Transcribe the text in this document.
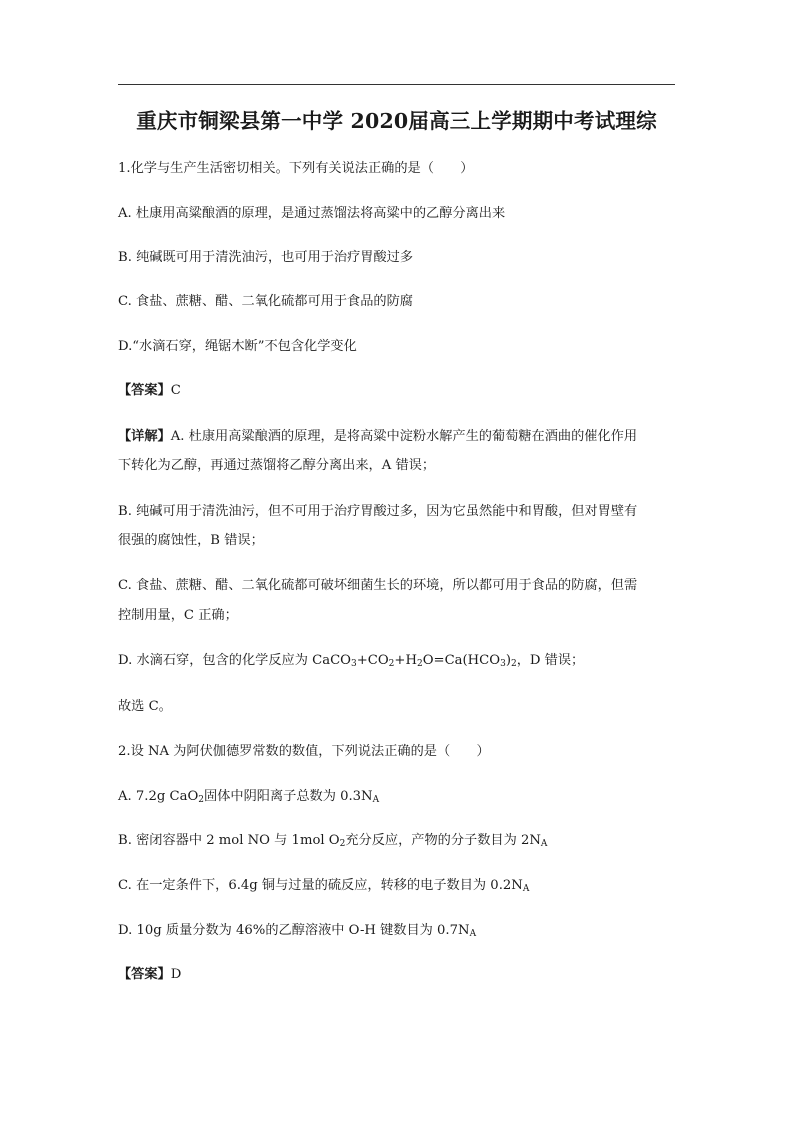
重庆市铜梁县第一中学 2020届高三上学期期中考试理综
1.化学与生产生活密切相关。下列有关说法正确的是（　　）
A. 杜康用高粱酿酒的原理，是通过蒸馏法将高粱中的乙醇分离出来
B. 纯碱既可用于清洗油污，也可用于治疗胃酸过多
C. 食盐、蔗糖、醋、二氧化硫都可用于食品的防腐
D.“水滴石穿，绳锯木断”不包含化学变化
【答案】C
【详解】A. 杜康用高粱酿酒的原理，是将高粱中淀粉水解产生的葡萄糖在酒曲的催化作用
下转化为乙醇，再通过蒸馏将乙醇分离出来，A 错误；
B. 纯碱可用于清洗油污，但不可用于治疗胃酸过多，因为它虽然能中和胃酸，但对胃壁有
很强的腐蚀性，B 错误；
C. 食盐、蔗糖、醋、二氧化硫都可破坏细菌生长的环境，所以都可用于食品的防腐，但需
控制用量，C 正确；
D. 水滴石穿，包含的化学反应为 $CaCO_3+CO_2+H_2O=Ca(HCO_3)_2$，D 错误；
故选 C。
2.设 NA 为阿伏伽德罗常数的数值，下列说法正确的是（　　）
A. 7.2g CaO$_2$固体中阴阳离子总数为 $0.3N_A$
B. 密闭容器中 2 mol NO 与 1mol $O_2$充分反应，产物的分子数目为 $2N_A$
C. 在一定条件下，6.4g 铜与过量的硫反应，转移的电子数目为 $0.2N_A$
D. 10g 质量分数为 46%的乙醇溶液中 O-H 键数目为 $0.7N_A$
【答案】D
